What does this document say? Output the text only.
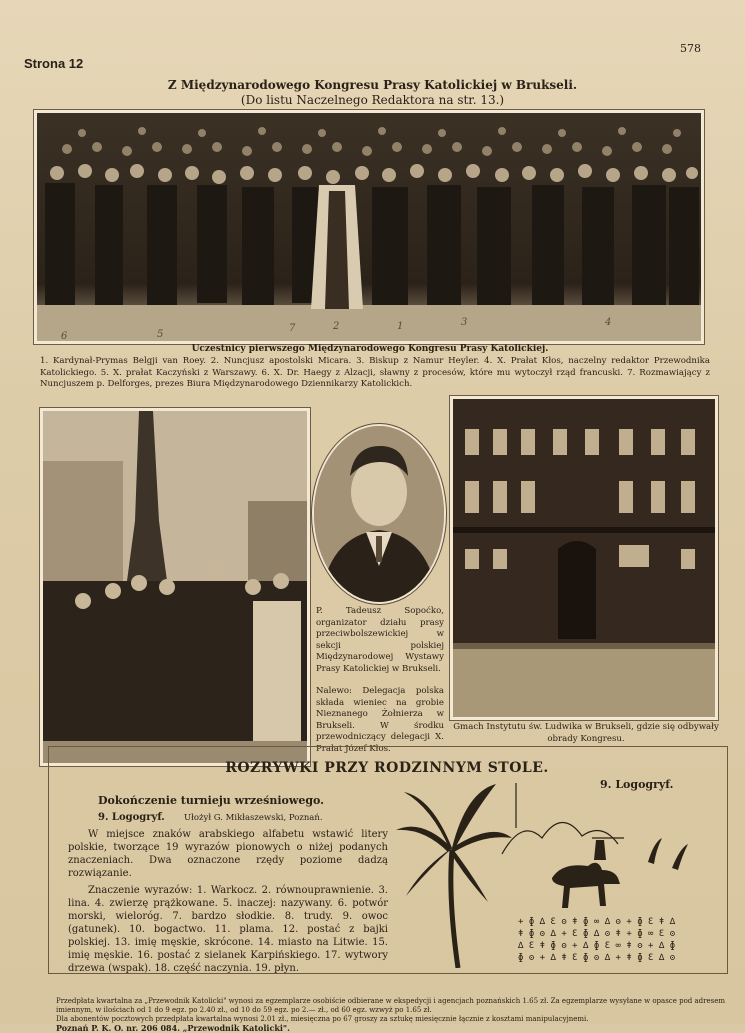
Strona 12
578
Z Międzynarodowego Kongresu Prasy Katolickiej w Brukseli.
(Do listu Naczelnego Redaktora na str. 13.)
6	5
7	2	1	3	4
Uczestnicy pierwszego Międzynarodowego Kongresu Prasy Katolickiej.
1. Kardynał-Prymas Belgji van Roey. 2. Nuncjusz apostolski Micara. 3. Biskup z Namur Heyler. 4. X. Prałat Kłos, naczelny redaktor Przewodnika Katolickiego. 5. X. prałat Kaczyński z Warszawy. 6. X. Dr. Haegy z Alzacji, sławny z procesów, które mu wytoczył rząd francuski. 7. Rozmawiający z Nuncjuszem p. Delforges, prezes Biura Międzynarodowego Dziennikarzy Katolickich.
P. Tadeusz Sopoćko, organizator działu prasy przeciwbolszewickiej w sekcji polskiej Międzynarodowej Wystawy Prasy Katolickiej w Brukseli.
Nalewo: Delegacja polska składa wieniec na grobie Nieznanego Żołnierza w Brukseli. W środku przewodniczący delegacji X. Prałat Józef Kłos.
Gmach Instytutu św. Ludwika w Brukseli, gdzie się odbywały obrady Kongresu.
ROZRYWKI PRZY RODZINNYM STOLE.
Dokończenie turnieju wrześniowego.
9. Logogryf.
9. Logogryf. Ułożył G. Mikłaszewski, Poznań.
W miejsce znaków arabskiego alfabetu wstawić litery polskie, tworzące 19 wyrazów pionowych o niżej podanych znaczeniach. Dwa oznaczone rzędy poziome dadzą rozwiązanie.
Znaczenie wyrazów: 1. Warkocz. 2. równouprawnienie. 3. lina. 4. zwierzę prążkowane. 5. inaczej: nazywany. 6. potwór morski, wieloróg. 7. bardzo słodkie. 8. trudy. 9. owoc (gatunek). 10. bogactwo. 11. plama. 12. postać z bajki polskiej. 13. imię męskie, skrócone. 14. miasto na Litwie. 15. imię męskie. 16. postać z sielanek Karpińskiego. 17. wytwory drzewa (wspak). 18. część naczynia. 19. płyn.
+ ɸ ∆ Ɛ ʘ ǂ ɸ ∞ ∆ ʘ + ɸ Ɛ ǂ ∆
ǂ ɸ ʘ ∆ + Ɛ ɸ ∆ ʘ ǂ + ɸ ∞ Ɛ ʘ
∆ Ɛ ǂ ɸ ʘ + ∆ ɸ Ɛ ∞ ǂ ʘ + ∆ ɸ
ɸ ʘ + ∆ ǂ Ɛ ɸ ʘ ∆ + ǂ ɸ Ɛ ∆ ʘ
Przedpłata kwartalna za „Przewodnik Katolicki" wynosi za egzemplarze osobiście odbierane w ekspedycji i agencjach poznańskich 1.65 zł. Za egzemplarze wysyłane w opasce pod adresem imiennym, w ilościach od 1 do 9 egz. po 2.40 zł., od 10 do 59 egz. po 2.— zł., od 60 egz. wzwyż po 1.65 zł.
Dla abonentów pocztowych przedpłata kwartalna wynosi 2.01 zł., miesięczna po 67 groszy za sztukę miesięcznie łącznie z kosztami manipulacyjnemi.
Poznań P. K. O. nr. 206 084. „Przewodnik Katolicki".
